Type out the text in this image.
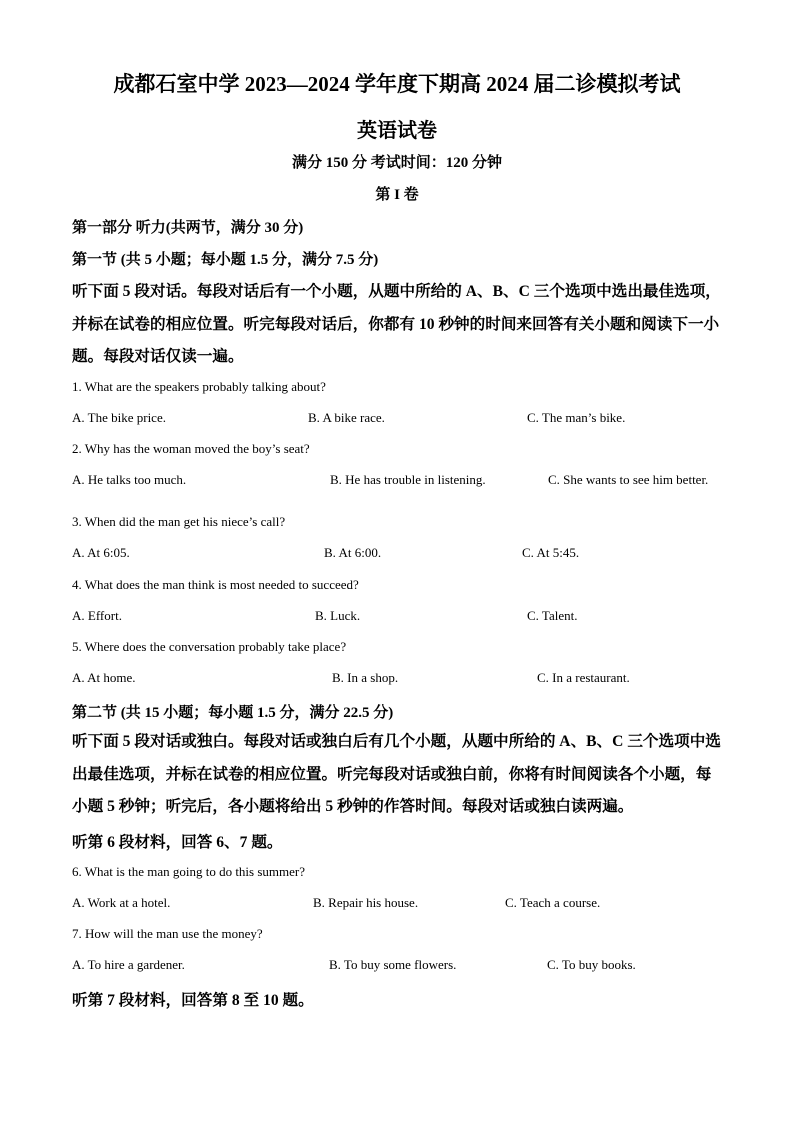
成都石室中学 2023—2024 学年度下期高 2024 届二诊模拟考试
英语试卷
满分 150 分 考试时间：120 分钟
第 I 卷
第一部分 听力(共两节，满分 30 分)
第一节 (共 5 小题；每小题 1.5 分，满分 7.5 分)
听下面 5 段对话。每段对话后有一个小题，从题中所给的 A、B、C 三个选项中选出最佳选项，并标在试卷的相应位置。听完每段对话后，你都有 10 秒钟的时间来回答有关小题和阅读下一小题。每段对话仅读一遍。
1. What are the speakers probably talking about?
A. The bike price.	B. A bike race.	C. The man’s bike.
2. Why has the woman moved the boy’s seat?
A. He talks too much.	B. He has trouble in listening.	C. She wants to see him better.
3. When did the man get his niece’s call?
A. At 6:05.	B. At 6:00.	C. At 5:45.
4. What does the man think is most needed to succeed?
A. Effort.	B. Luck.	C. Talent.
5. Where does the conversation probably take place?
A. At home.	B. In a shop.	C. In a restaurant.
第二节 (共 15 小题；每小题 1.5 分，满分 22.5 分)
听下面 5 段对话或独白。每段对话或独白后有几个小题，从题中所给的 A、B、C 三个选项中选出最佳选项，并标在试卷的相应位置。听完每段对话或独白前，你将有时间阅读各个小题，每小题 5 秒钟；听完后，各小题将给出 5 秒钟的作答时间。每段对话或独白读两遍。
听第 6 段材料，回答 6、7 题。
6. What is the man going to do this summer?
A. Work at a hotel.	B. Repair his house.	C. Teach a course.
7. How will the man use the money?
A. To hire a gardener.	B. To buy some flowers.	C. To buy books.
听第 7 段材料，回答第 8 至 10 题。
